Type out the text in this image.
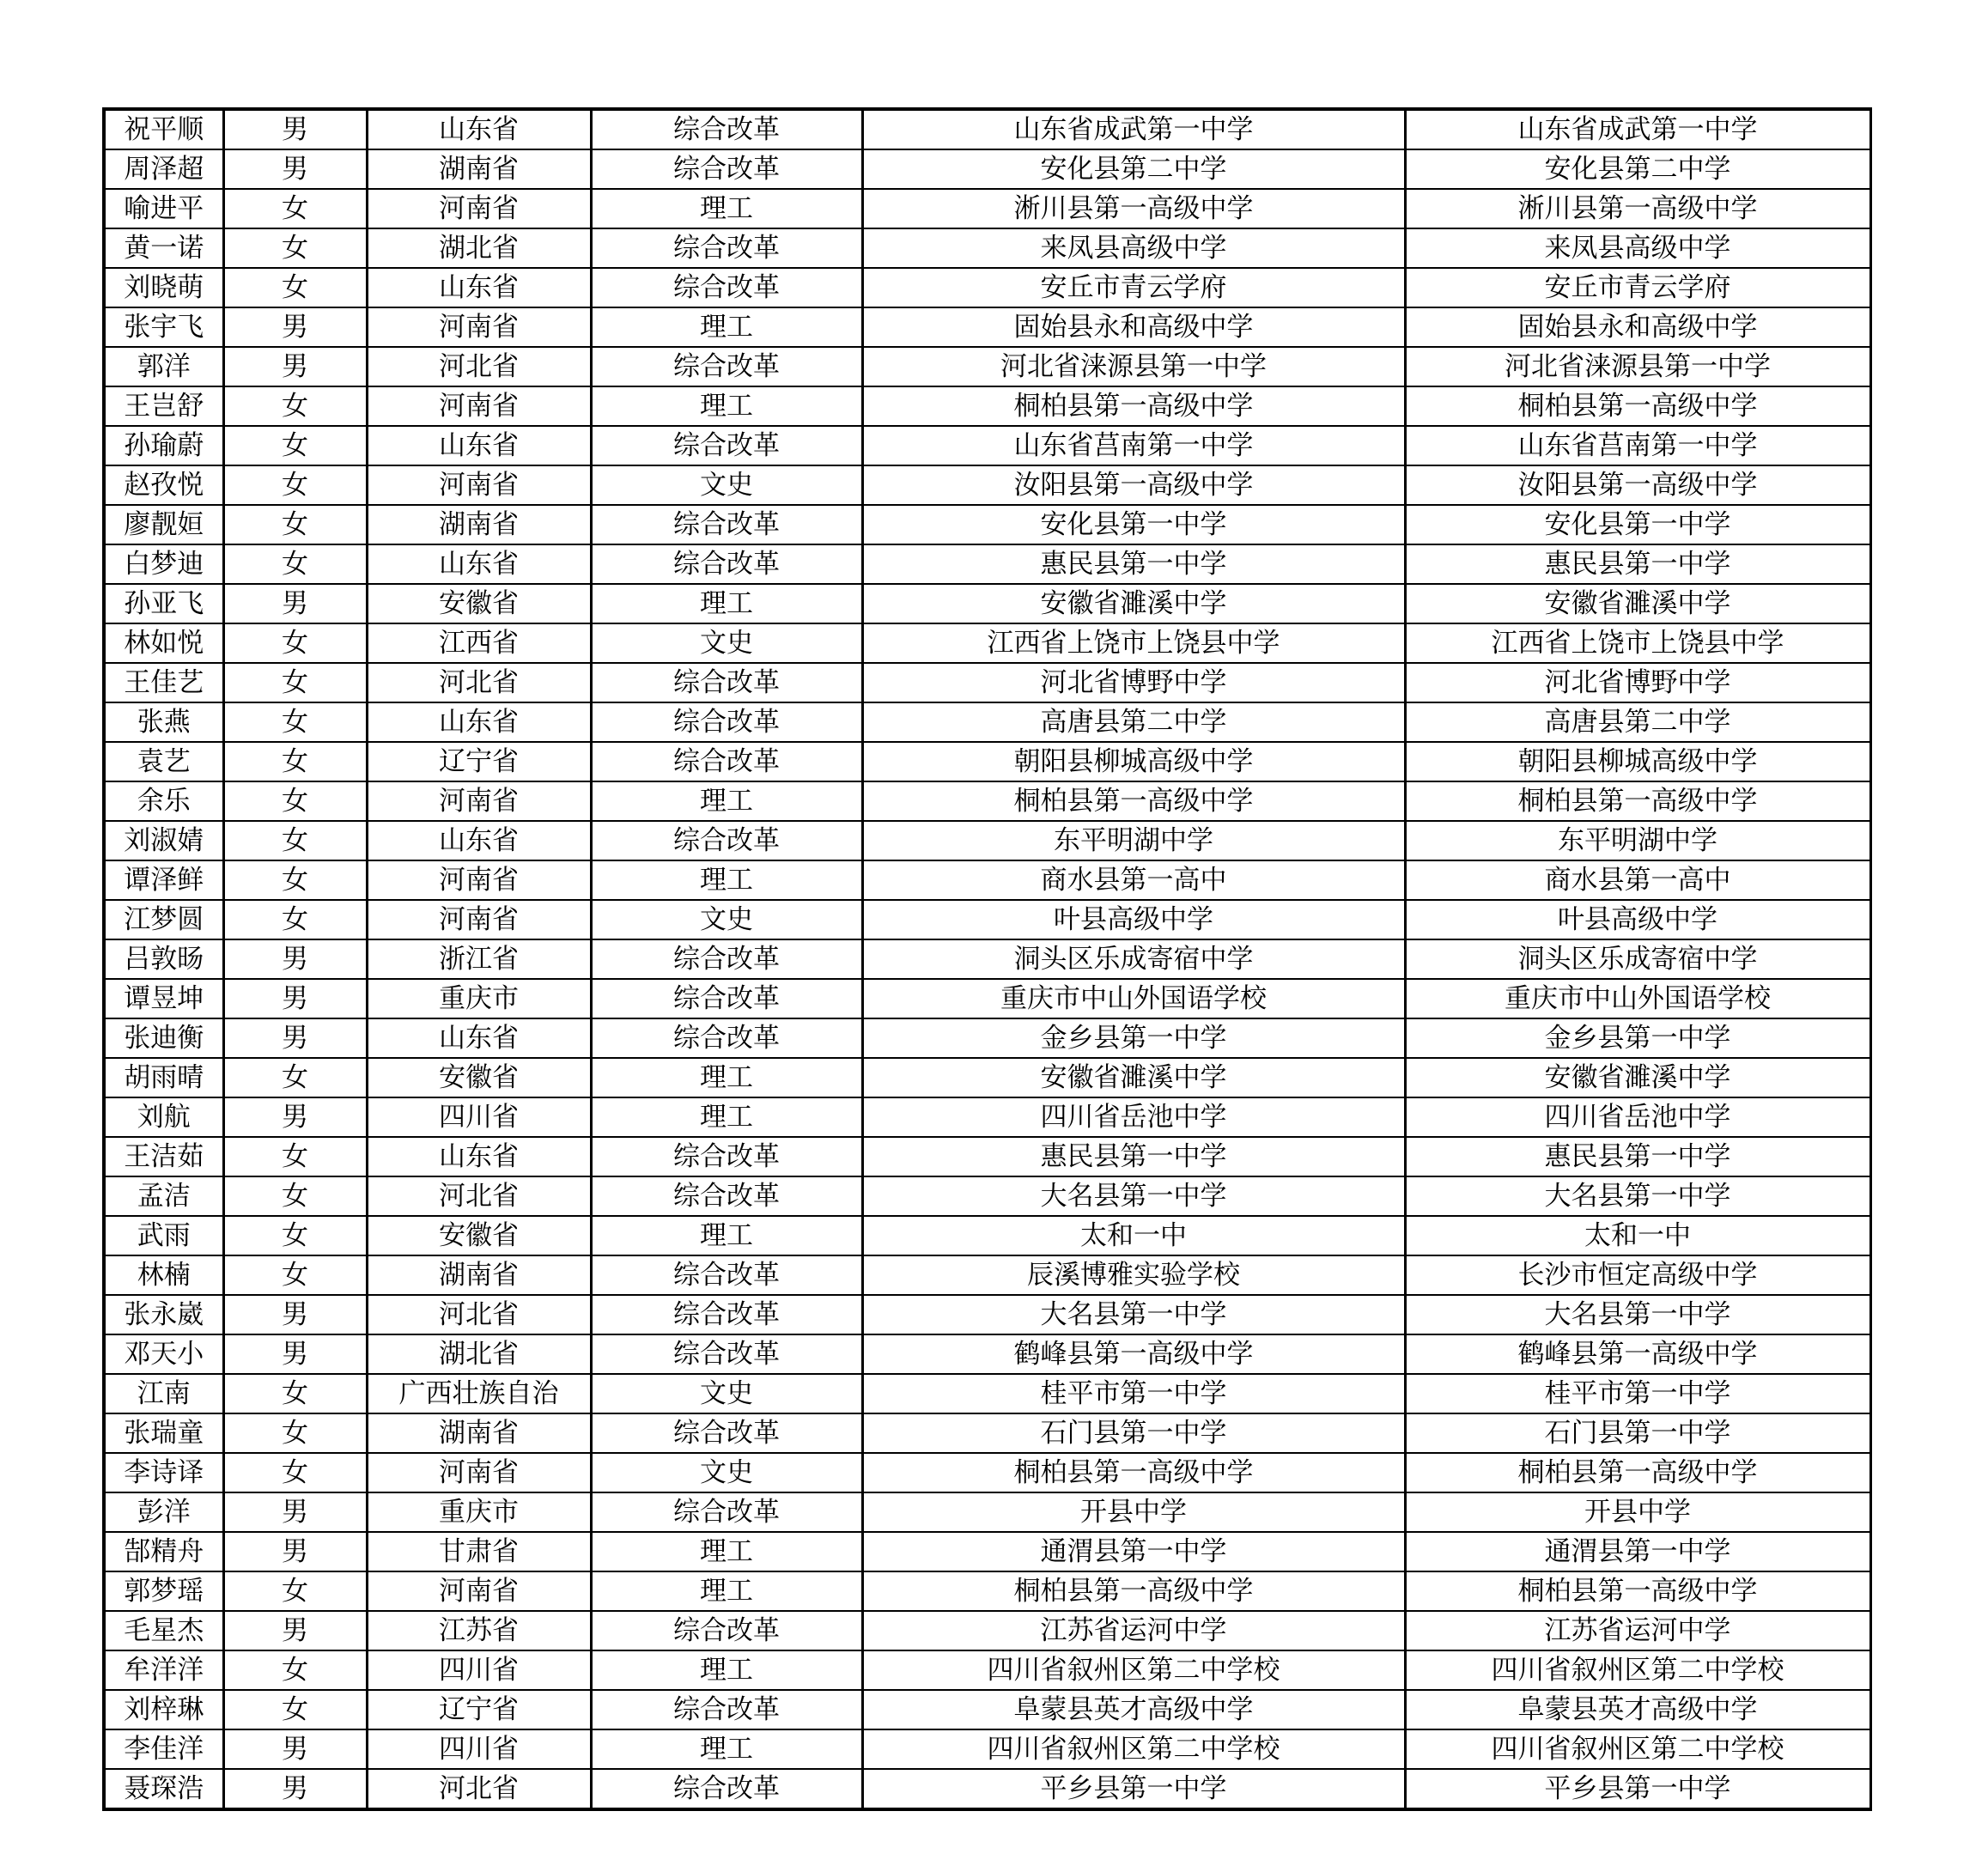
祝平顺	男	山东省	综合改革	山东省成武第一中学	山东省成武第一中学
周泽超	男	湖南省	综合改革	安化县第二中学	安化县第二中学
喻进平	女	河南省	理工	淅川县第一高级中学	淅川县第一高级中学
黄一诺	女	湖北省	综合改革	来凤县高级中学	来凤县高级中学
刘晓萌	女	山东省	综合改革	安丘市青云学府	安丘市青云学府
张宇飞	男	河南省	理工	固始县永和高级中学	固始县永和高级中学
郭洋	男	河北省	综合改革	河北省涞源县第一中学	河北省涞源县第一中学
王岂舒	女	河南省	理工	桐柏县第一高级中学	桐柏县第一高级中学
孙瑜蔚	女	山东省	综合改革	山东省莒南第一中学	山东省莒南第一中学
赵孜悦	女	河南省	文史	汝阳县第一高级中学	汝阳县第一高级中学
廖靓姮	女	湖南省	综合改革	安化县第一中学	安化县第一中学
白梦迪	女	山东省	综合改革	惠民县第一中学	惠民县第一中学
孙亚飞	男	安徽省	理工	安徽省濉溪中学	安徽省濉溪中学
林如悦	女	江西省	文史	江西省上饶市上饶县中学	江西省上饶市上饶县中学
王佳艺	女	河北省	综合改革	河北省博野中学	河北省博野中学
张燕	女	山东省	综合改革	高唐县第二中学	高唐县第二中学
袁艺	女	辽宁省	综合改革	朝阳县柳城高级中学	朝阳县柳城高级中学
余乐	女	河南省	理工	桐柏县第一高级中学	桐柏县第一高级中学
刘淑婧	女	山东省	综合改革	东平明湖中学	东平明湖中学
谭泽鲜	女	河南省	理工	商水县第一高中	商水县第一高中
江梦圆	女	河南省	文史	叶县高级中学	叶县高级中学
吕敦旸	男	浙江省	综合改革	洞头区乐成寄宿中学	洞头区乐成寄宿中学
谭昱坤	男	重庆市	综合改革	重庆市中山外国语学校	重庆市中山外国语学校
张迪衡	男	山东省	综合改革	金乡县第一中学	金乡县第一中学
胡雨晴	女	安徽省	理工	安徽省濉溪中学	安徽省濉溪中学
刘航	男	四川省	理工	四川省岳池中学	四川省岳池中学
王洁茹	女	山东省	综合改革	惠民县第一中学	惠民县第一中学
孟洁	女	河北省	综合改革	大名县第一中学	大名县第一中学
武雨	女	安徽省	理工	太和一中	太和一中
林楠	女	湖南省	综合改革	辰溪博雅实验学校	长沙市恒定高级中学
张永崴	男	河北省	综合改革	大名县第一中学	大名县第一中学
邓天小	男	湖北省	综合改革	鹤峰县第一高级中学	鹤峰县第一高级中学
江南	女	广西壮族自治	文史	桂平市第一中学	桂平市第一中学
张瑞童	女	湖南省	综合改革	石门县第一中学	石门县第一中学
李诗译	女	河南省	文史	桐柏县第一高级中学	桐柏县第一高级中学
彭洋	男	重庆市	综合改革	开县中学	开县中学
郜精舟	男	甘肃省	理工	通渭县第一中学	通渭县第一中学
郭梦瑶	女	河南省	理工	桐柏县第一高级中学	桐柏县第一高级中学
毛星杰	男	江苏省	综合改革	江苏省运河中学	江苏省运河中学
牟洋洋	女	四川省	理工	四川省叙州区第二中学校	四川省叙州区第二中学校
刘梓琳	女	辽宁省	综合改革	阜蒙县英才高级中学	阜蒙县英才高级中学
李佳洋	男	四川省	理工	四川省叙州区第二中学校	四川省叙州区第二中学校
聂琛浩	男	河北省	综合改革	平乡县第一中学	平乡县第一中学
